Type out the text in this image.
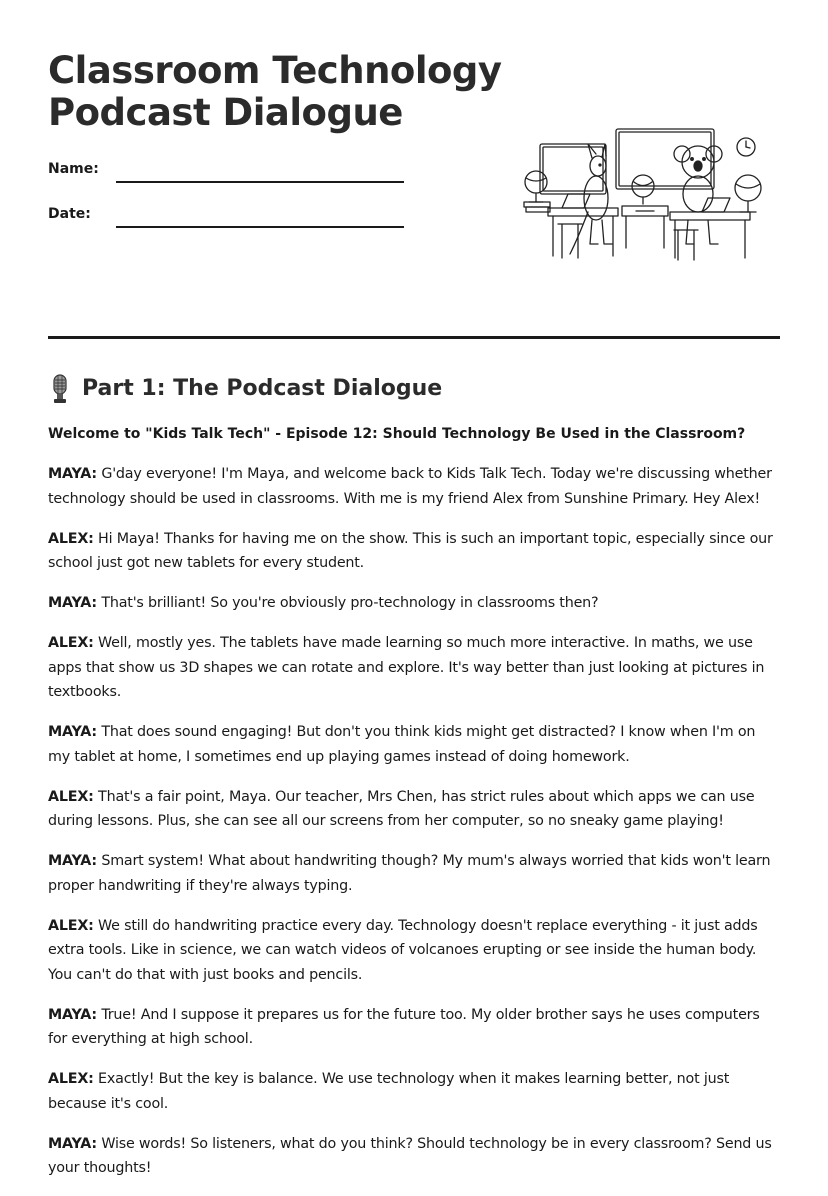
Classroom Technology
Podcast Dialogue
Name:
Date:
Part 1: The Podcast Dialogue
Welcome to "Kids Talk Tech" - Episode 12: Should Technology Be Used in the Classroom?

MAYA: G'day everyone! I'm Maya, and welcome back to Kids Talk Tech. Today we're discussing whether technology should be used in classrooms. With me is my friend Alex from Sunshine Primary. Hey Alex!

ALEX: Hi Maya! Thanks for having me on the show. This is such an important topic, especially since our school just got new tablets for every student.

MAYA: That's brilliant! So you're obviously pro-technology in classrooms then?

ALEX: Well, mostly yes. The tablets have made learning so much more interactive. In maths, we use apps that show us 3D shapes we can rotate and explore. It's way better than just looking at pictures in textbooks.

MAYA: That does sound engaging! But don't you think kids might get distracted? I know when I'm on my tablet at home, I sometimes end up playing games instead of doing homework.

ALEX: That's a fair point, Maya. Our teacher, Mrs Chen, has strict rules about which apps we can use during lessons. Plus, she can see all our screens from her computer, so no sneaky game playing!

MAYA: Smart system! What about handwriting though? My mum's always worried that kids won't learn proper handwriting if they're always typing.

ALEX: We still do handwriting practice every day. Technology doesn't replace everything - it just adds extra tools. Like in science, we can watch videos of volcanoes erupting or see inside the human body. You can't do that with just books and pencils.

MAYA: True! And I suppose it prepares us for the future too. My older brother says he uses computers for everything at high school.

ALEX: Exactly! But the key is balance. We use technology when it makes learning better, not just because it's cool.

MAYA: Wise words! So listeners, what do you think? Should technology be in every classroom? Send us your thoughts!
